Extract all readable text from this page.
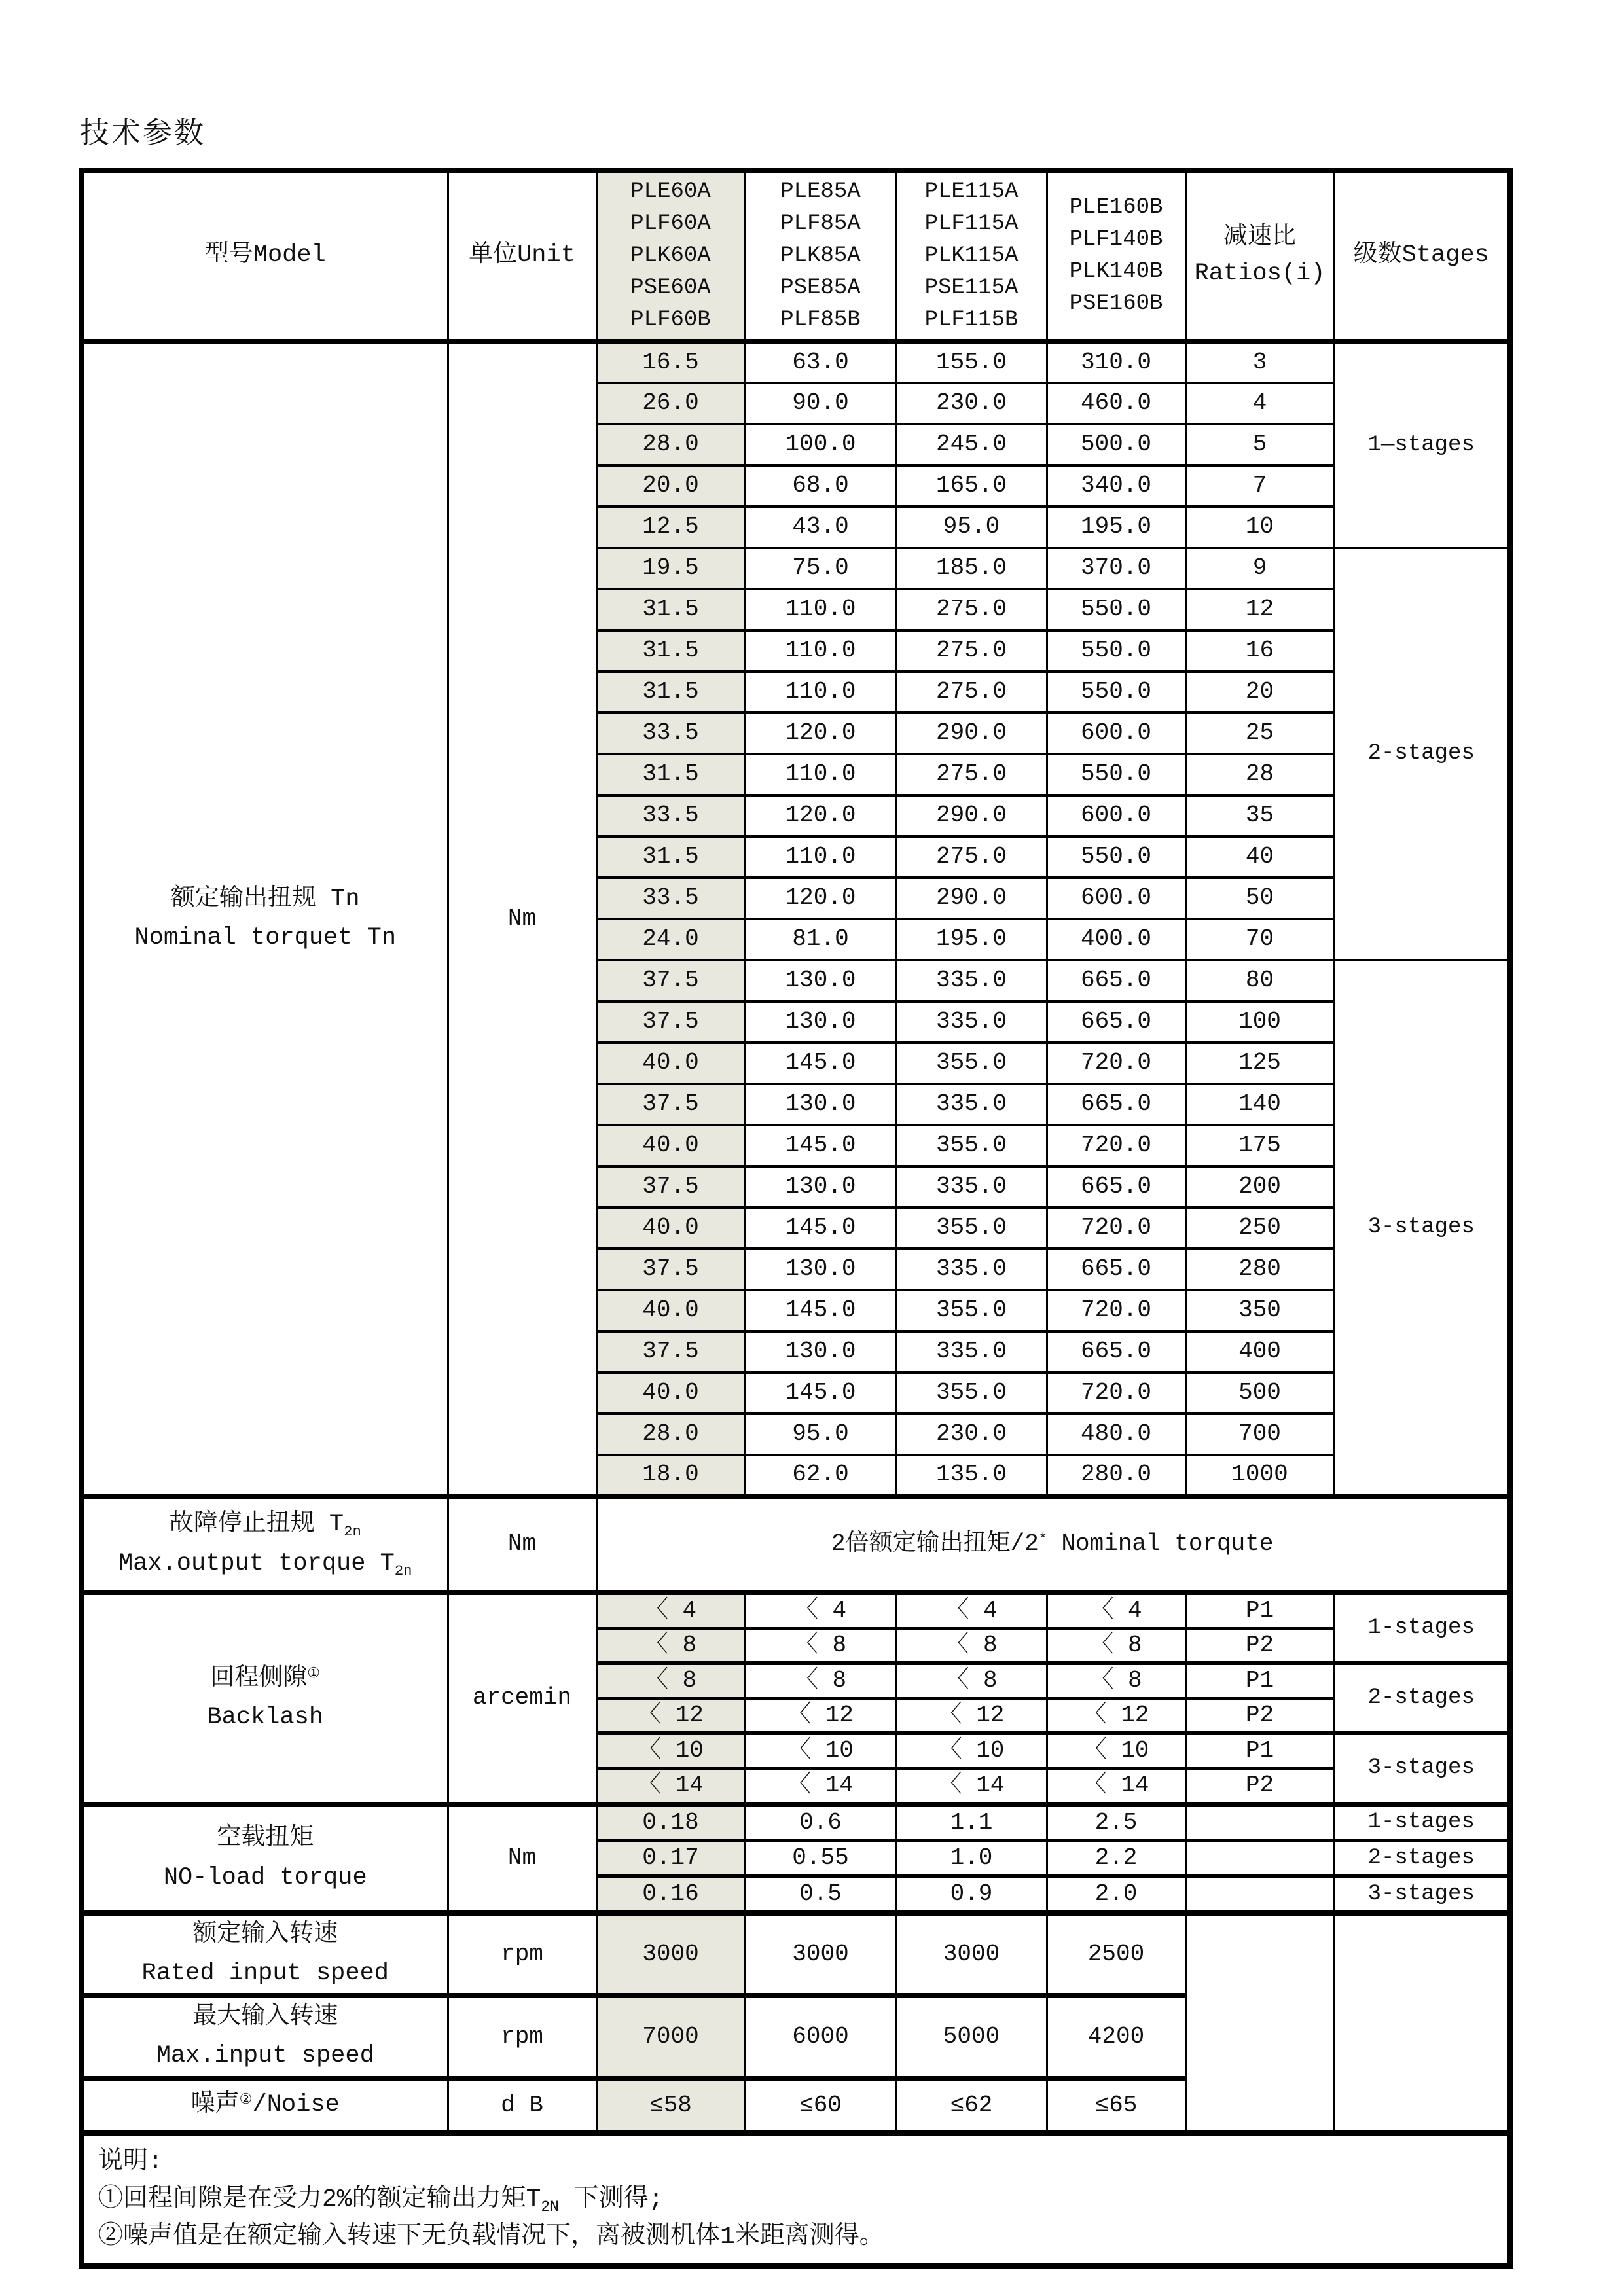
技术参数
型号Model	单位Unit	PLE60A
PLF60A
PLK60A
PSE60A
PLF60B	PLE85A
PLF85A
PLK85A
PSE85A
PLF85B	PLE115A
PLF115A
PLK115A
PSE115A
PLF115B	PLE160B
PLF140B
PLK140B
PSE160B	减速比
Ratios(i)	级数Stages
额定输出扭规 Tn
Nominal torquet Tn	Nm	16.5	63.0	155.0	310.0	3	1—stages
		26.0	90.0	230.0	460.0	4	
		28.0	100.0	245.0	500.0	5	
		20.0	68.0	165.0	340.0	7	
		12.5	43.0	95.0	195.0	10	
		19.5	75.0	185.0	370.0	9	2-stages
		31.5	110.0	275.0	550.0	12	
		31.5	110.0	275.0	550.0	16	
		31.5	110.0	275.0	550.0	20	
		33.5	120.0	290.0	600.0	25	
		31.5	110.0	275.0	550.0	28	
		33.5	120.0	290.0	600.0	35	
		31.5	110.0	275.0	550.0	40	
		33.5	120.0	290.0	600.0	50	
		24.0	81.0	195.0	400.0	70	
		37.5	130.0	335.0	665.0	80	3-stages
		37.5	130.0	335.0	665.0	100	
		40.0	145.0	355.0	720.0	125	
		37.5	130.0	335.0	665.0	140	
		40.0	145.0	355.0	720.0	175	
		37.5	130.0	335.0	665.0	200	
		40.0	145.0	355.0	720.0	250	
		37.5	130.0	335.0	665.0	280	
		40.0	145.0	355.0	720.0	350	
		37.5	130.0	335.0	665.0	400	
		40.0	145.0	355.0	720.0	500	
		28.0	95.0	230.0	480.0	700	
		18.0	62.0	135.0	280.0	1000	
故障停止扭规 $T_{2n}$
Max.output torque $T_{2n}$	Nm	2倍额定输出扭矩/2* Nominal torqute					
回程侧隙①
Backlash	arcemin	〈 4	〈 4	〈 4	〈 4	P1	1-stages
		〈 8	〈 8	〈 8	〈 8	P2	
		〈 8	〈 8	〈 8	〈 8	P1	2-stages
		〈 12	〈 12	〈 12	〈 12	P2	
		〈 10	〈 10	〈 10	〈 10	P1	3-stages
		〈 14	〈 14	〈 14	〈 14	P2	
空载扭矩
NO-load torque	Nm	0.18	0.6	1.1	2.5		1-stages
		0.17	0.55	1.0	2.2		2-stages
		0.16	0.5	0.9	2.0		3-stages
额定输入转速
Rated input speed	rpm	3000	3000	3000	2500		
最大输入转速
Max.input speed	rpm	7000	6000	5000	4200		
噪声②/Noise	d B	≤58	≤60	≤62	≤65		
说明:
①回程间隙是在受力2%的额定输出力矩$T_{2N}$ 下测得;
②噪声值是在额定输入转速下无负载情况下，离被测机体1米距离测得。							
